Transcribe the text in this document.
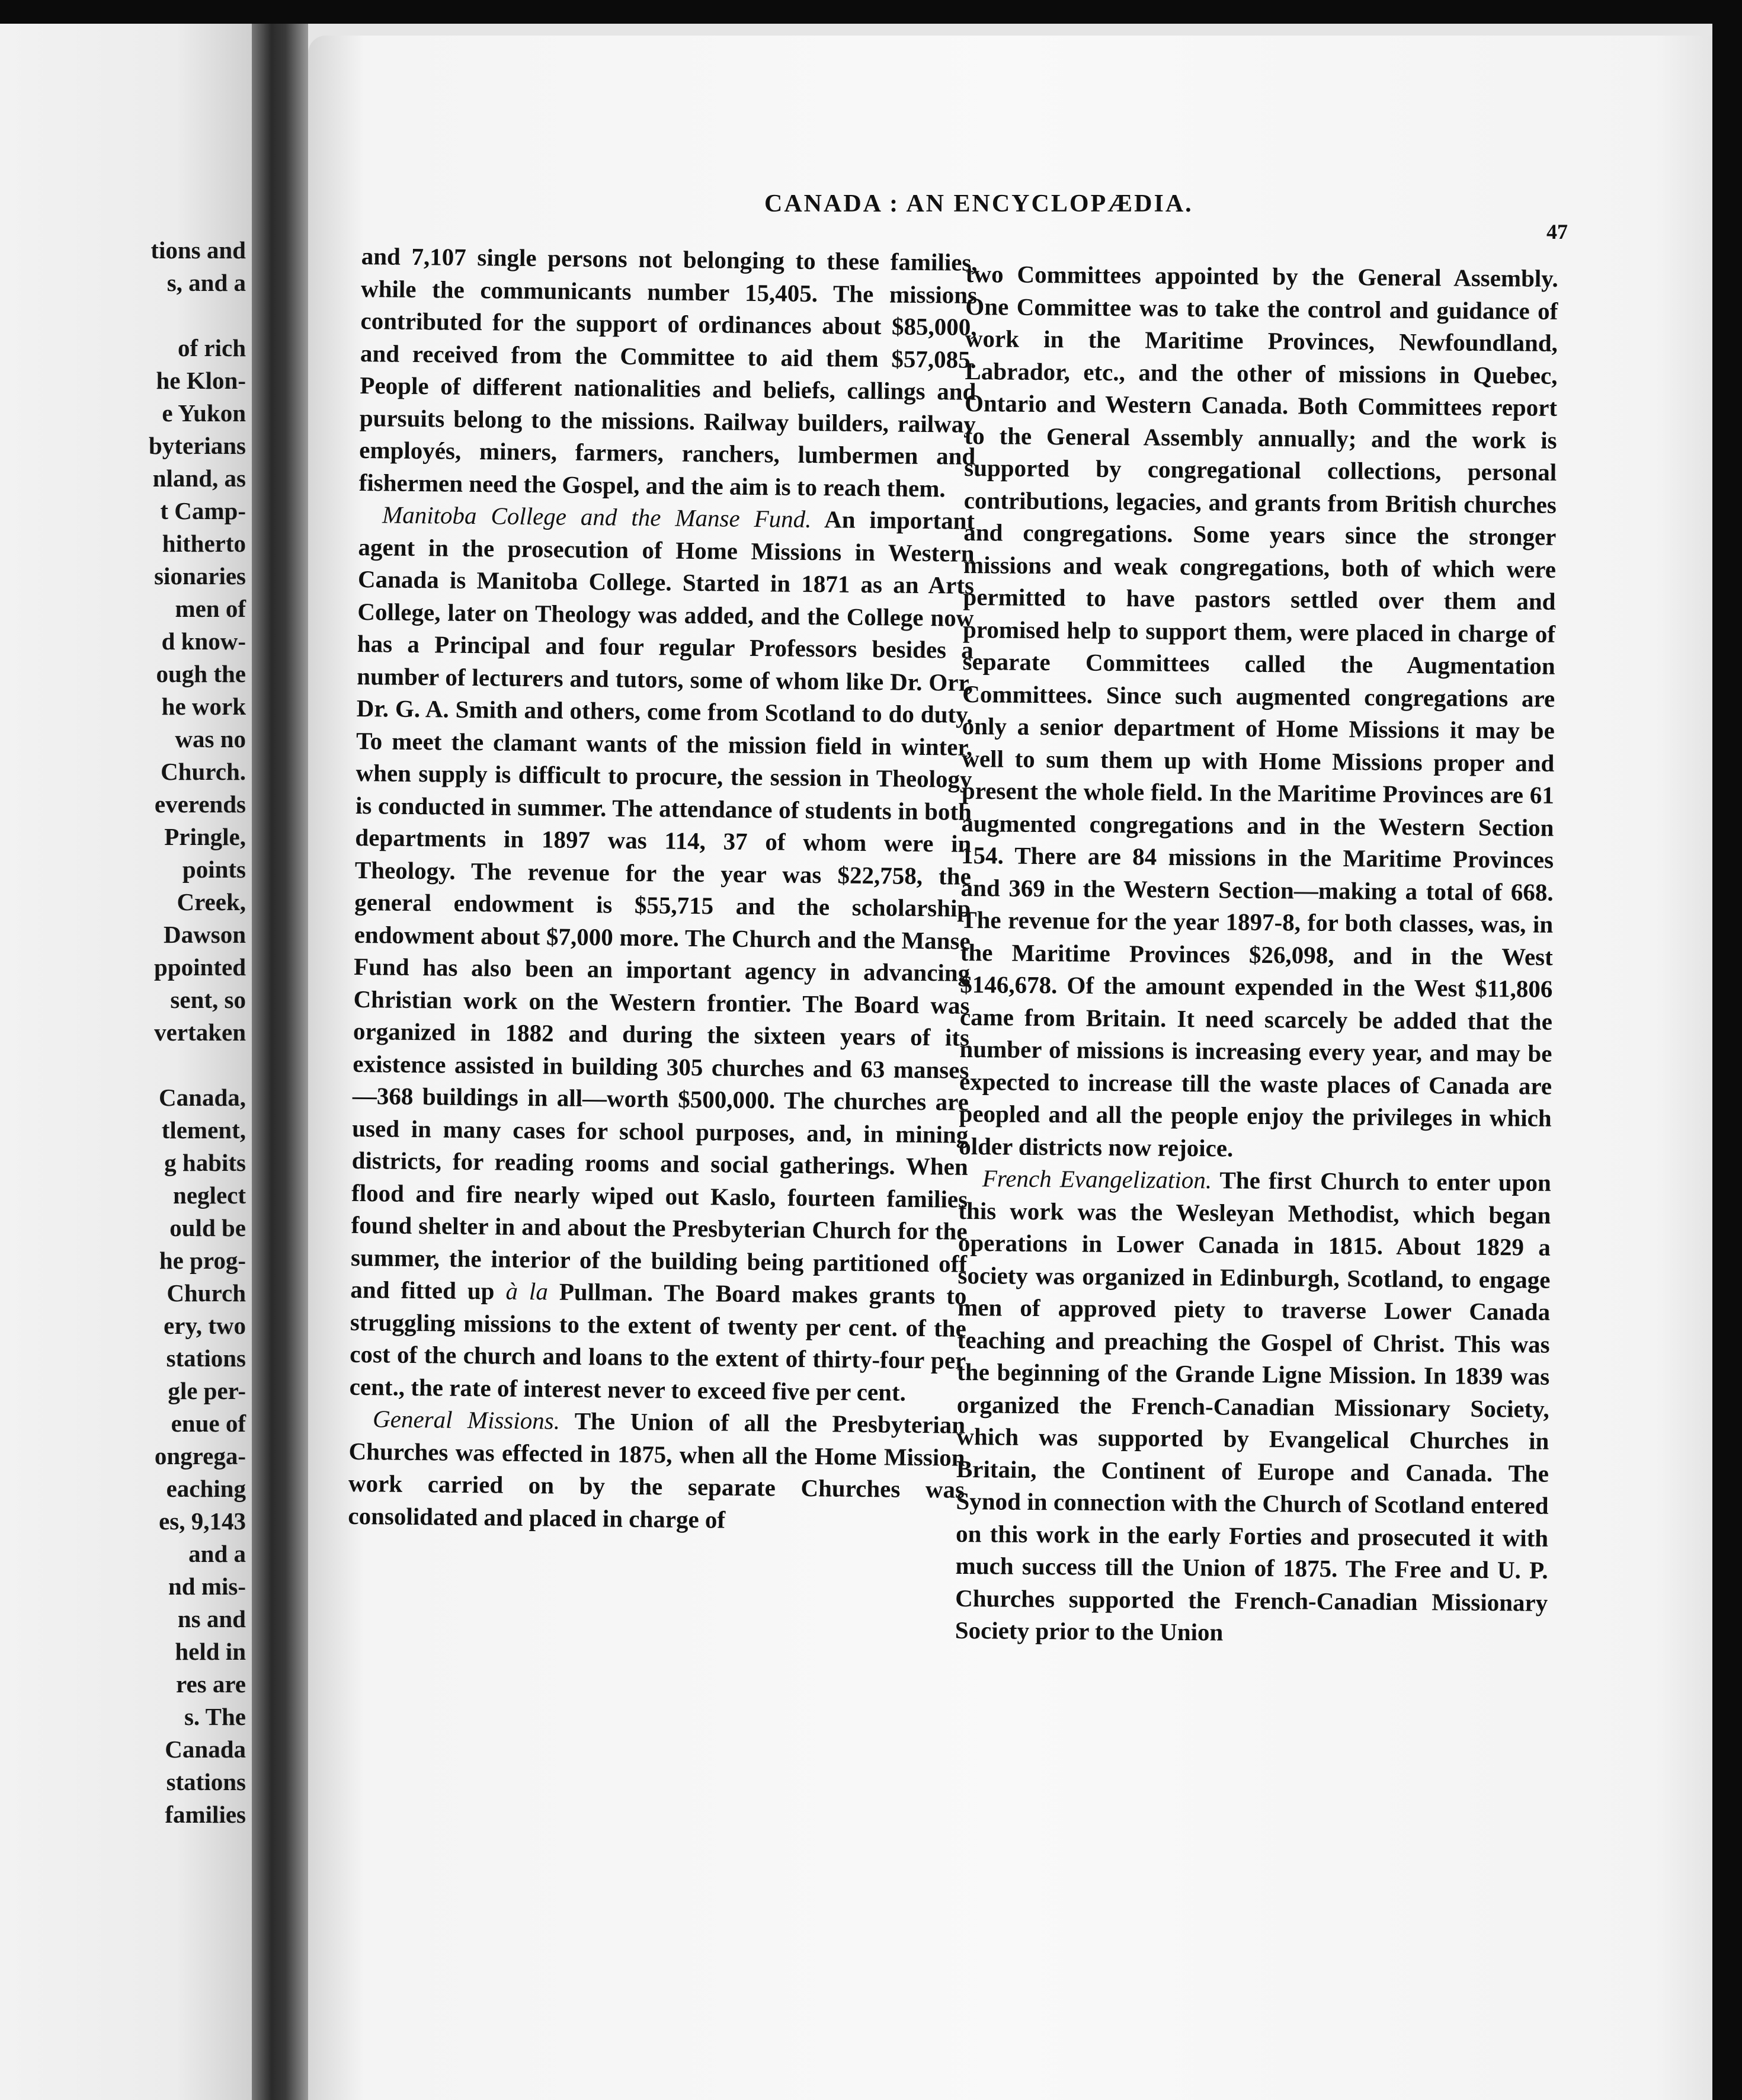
tions and
s, and a
of rich
he Klon-
e Yukon
byterians
nland, as
t Camp-
hitherto
sionaries
men of
d know-
ough the
he work
was no
Church.
everends
Pringle,
points
Creek,
Dawson
ppointed
sent, so
vertaken
Canada,
tlement,
g habits
neglect
ould be
he prog-
Church
ery, two
stations
gle per-
enue of
ongrega-
eaching
es, 9,143
and a
nd mis-
ns and
held in
res are
s. The
Canada
stations
families
CANADA : AN ENCYCLOPÆDIA.
47

and 7,107 single persons not belonging to these families, while the communicants number 15,405. The missions contributed for the support of ordinances about $85,000, and received from the Committee to aid them $57,085. People of different nationalities and beliefs, callings and pursuits belong to the missions. Railway builders, railway employés, miners, farmers, ranchers, lumbermen and fishermen need the Gospel, and the aim is to reach them.

Manitoba College and the Manse Fund. An important agent in the prosecution of Home Missions in Western Canada is Manitoba College. Started in 1871 as an Arts College, later on Theology was added, and the College now has a Principal and four regular Professors besides a number of lecturers and tutors, some of whom like Dr. Orr, Dr. G. A. Smith and others, come from Scotland to do duty. To meet the clamant wants of the mission field in winter, when supply is difficult to procure, the session in Theology is conducted in summer. The attendance of students in both departments in 1897 was 114, 37 of whom were in Theology. The revenue for the year was $22,758, the general endowment is $55,715 and the scholarship endowment about $7,000 more. The Church and the Manse Fund has also been an important agency in advancing Christian work on the Western frontier. The Board was organized in 1882 and during the sixteen years of its existence assisted in building 305 churches and 63 manses—368 buildings in all—worth $500,000. The churches are used in many cases for school purposes, and, in mining districts, for reading rooms and social gatherings. When flood and fire nearly wiped out Kaslo, fourteen families found shelter in and about the Presbyterian Church for the summer, the interior of the building being partitioned off and fitted up à la Pullman. The Board makes grants to struggling missions to the extent of twenty per cent. of the cost of the church and loans to the extent of thirty-four per cent., the rate of interest never to exceed five per cent.

General Missions. The Union of all the Presbyterian Churches was effected in 1875, when all the Home Mission work carried on by the separate Churches was consolidated and placed in charge of

two Committees appointed by the General Assembly. One Committee was to take the control and guidance of work in the Maritime Provinces, Newfoundland, Labrador, etc., and the other of missions in Quebec, Ontario and Western Canada. Both Committees report to the General Assembly annually; and the work is supported by congregational collections, personal contributions, legacies, and grants from British churches and congregations. Some years since the stronger missions and weak congregations, both of which were permitted to have pastors settled over them and promised help to support them, were placed in charge of separate Committees called the Augmentation Committees. Since such augmented congregations are only a senior department of Home Missions it may be well to sum them up with Home Missions proper and present the whole field. In the Maritime Provinces are 61 augmented congregations and in the Western Section 154. There are 84 missions in the Maritime Provinces and 369 in the Western Section—making a total of 668. The revenue for the year 1897-8, for both classes, was, in the Maritime Provinces $26,098, and in the West $146,678. Of the amount expended in the West $11,806 came from Britain. It need scarcely be added that the number of missions is increasing every year, and may be expected to increase till the waste places of Canada are peopled and all the people enjoy the privileges in which older districts now rejoice.

French Evangelization. The first Church to enter upon this work was the Wesleyan Methodist, which began operations in Lower Canada in 1815. About 1829 a society was organized in Edinburgh, Scotland, to engage men of approved piety to traverse Lower Canada teaching and preaching the Gospel of Christ. This was the beginning of the Grande Ligne Mission. In 1839 was organized the French-Canadian Missionary Society, which was supported by Evangelical Churches in Britain, the Continent of Europe and Canada. The Synod in connection with the Church of Scotland entered on this work in the early Forties and prosecuted it with much success till the Union of 1875. The Free and U. P. Churches supported the French-Canadian Missionary Society prior to the Union
